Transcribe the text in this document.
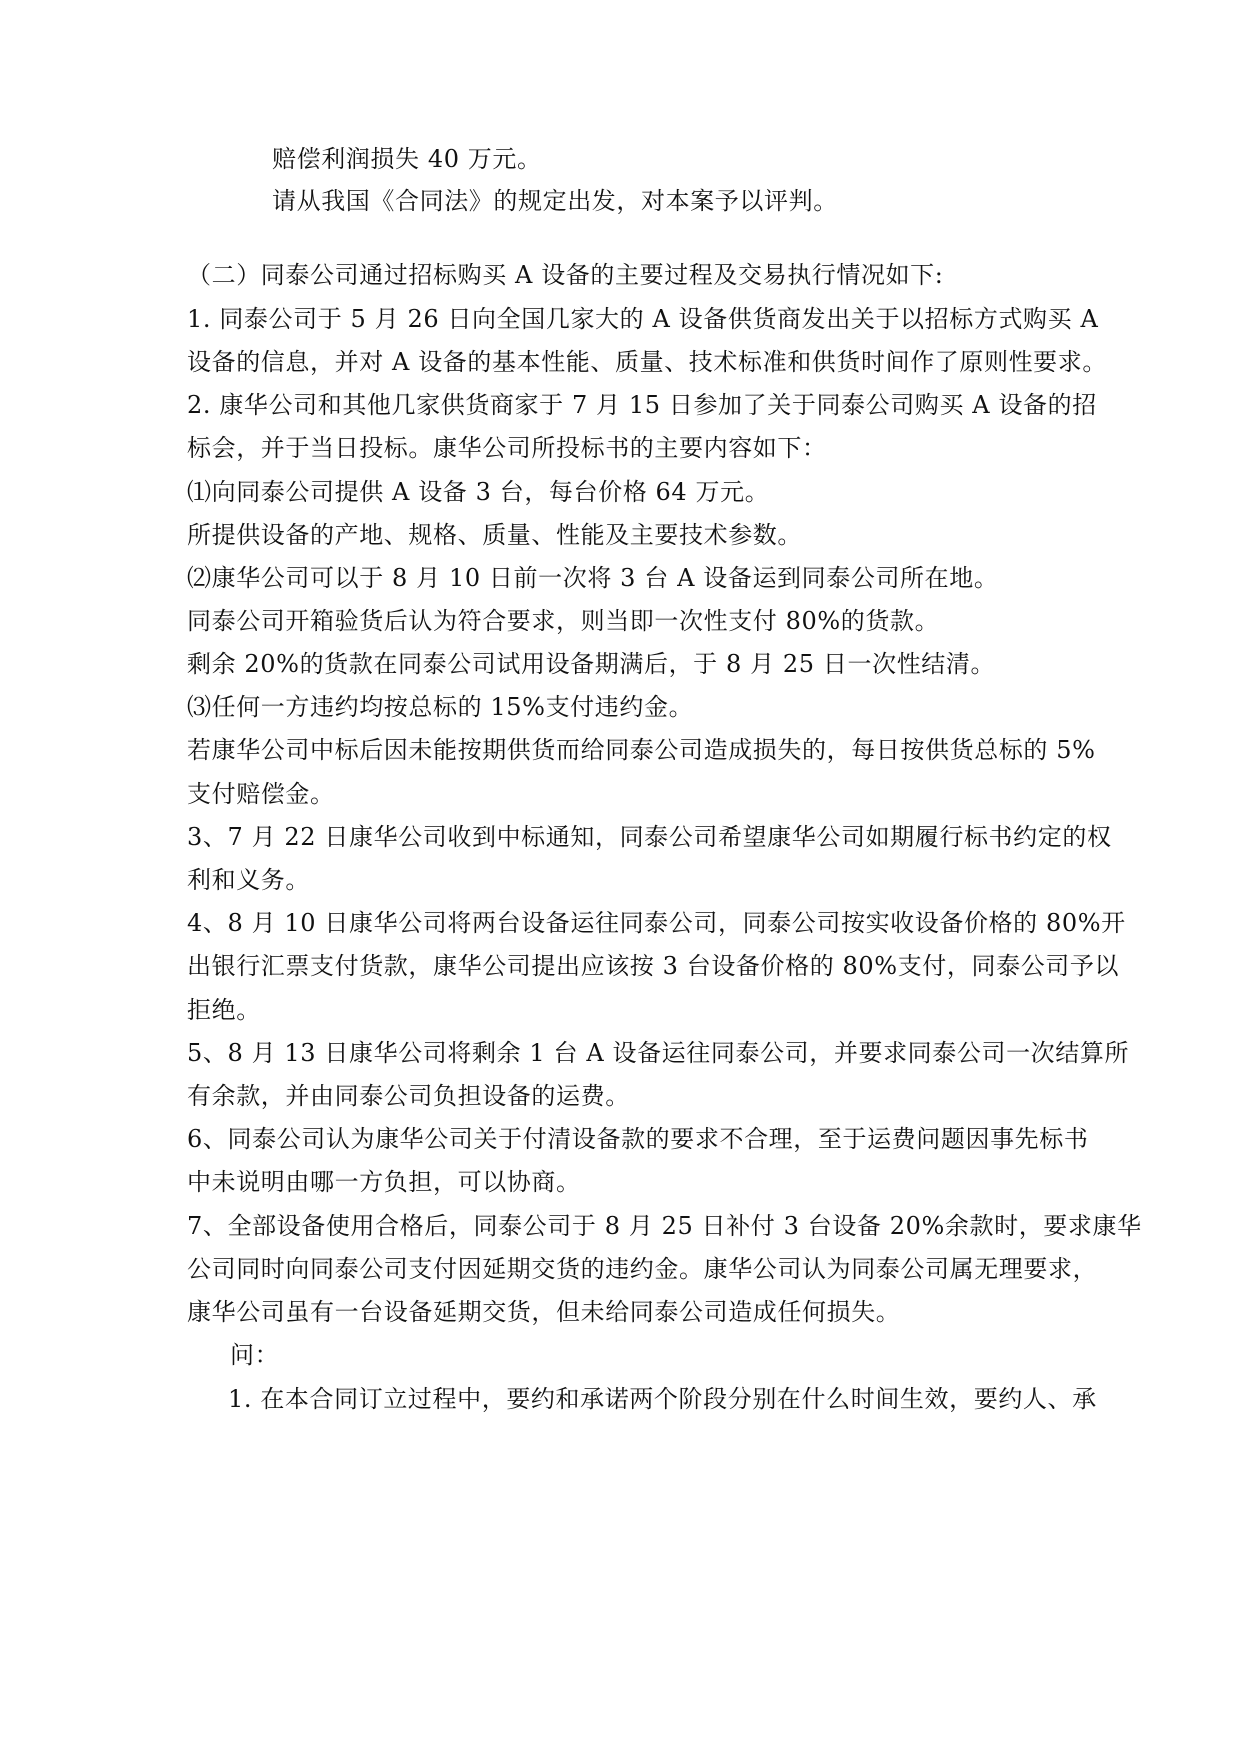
赔偿利润损失 40 万元。
请从我国《合同法》的规定出发，对本案予以评判。
（二）同泰公司通过招标购买 A 设备的主要过程及交易执行情况如下:
1. 同泰公司于 5 月 26 日向全国几家大的 A 设备供货商发出关于以招标方式购买 A
设备的信息，并对 A 设备的基本性能、质量、技术标准和供货时间作了原则性要求。
2. 康华公司和其他几家供货商家于 7 月 15 日参加了关于同泰公司购买 A 设备的招
标会，并于当日投标。康华公司所投标书的主要内容如下：
⑴向同泰公司提供 A 设备 3 台，每台价格 64 万元。
所提供设备的产地、规格、质量、性能及主要技术参数。
⑵康华公司可以于 8 月 10 日前一次将 3 台 A 设备运到同泰公司所在地。
同泰公司开箱验货后认为符合要求，则当即一次性支付 80%的货款。
剩余 20%的货款在同泰公司试用设备期满后，于 8 月 25 日一次性结清。
⑶任何一方违约均按总标的 15%支付违约金。
若康华公司中标后因未能按期供货而给同泰公司造成损失的，每日按供货总标的 5%
支付赔偿金。
3、7 月 22 日康华公司收到中标通知，同泰公司希望康华公司如期履行标书约定的权
利和义务。
4、8 月 10 日康华公司将两台设备运往同泰公司，同泰公司按实收设备价格的 80%开
出银行汇票支付货款，康华公司提出应该按 3 台设备价格的 80%支付，同泰公司予以
拒绝。
5、8 月 13 日康华公司将剩余 1 台 A 设备运往同泰公司，并要求同泰公司一次结算所
有余款，并由同泰公司负担设备的运费。
6、同泰公司认为康华公司关于付清设备款的要求不合理，至于运费问题因事先标书
中未说明由哪一方负担，可以协商。
7、全部设备使用合格后，同泰公司于 8 月 25 日补付 3 台设备 20%余款时，要求康华
公司同时向同泰公司支付因延期交货的违约金。康华公司认为同泰公司属无理要求，
康华公司虽有一台设备延期交货，但未给同泰公司造成任何损失。
问：
1. 在本合同订立过程中，要约和承诺两个阶段分别在什么时间生效，要约人、承
